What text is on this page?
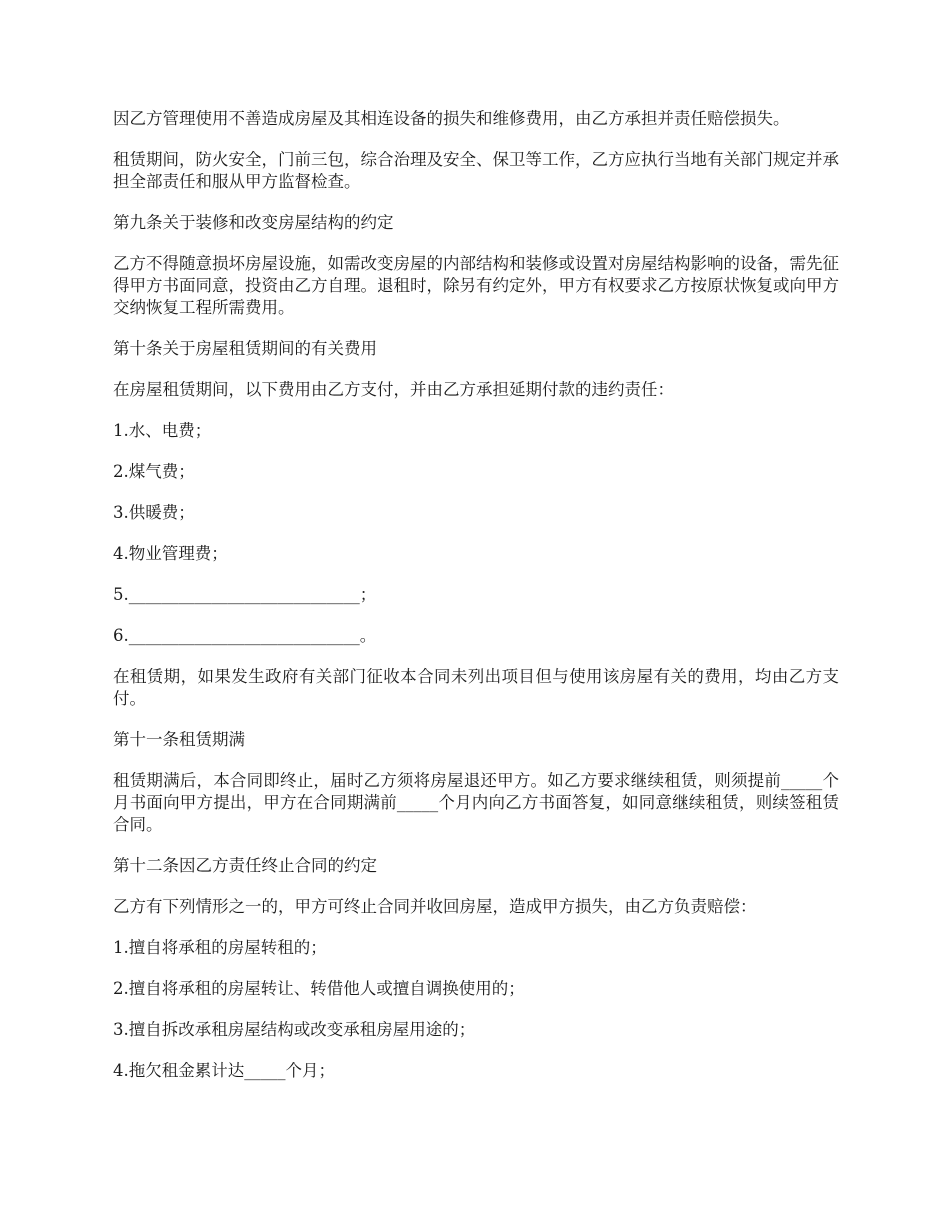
因乙方管理使用不善造成房屋及其相连设备的损失和维修费用，由乙方承担并责任赔偿损失。

租赁期间，防火安全，门前三包，综合治理及安全、保卫等工作，乙方应执行当地有关部门规定并承担全部责任和服从甲方监督检查。

第九条关于装修和改变房屋结构的约定

乙方不得随意损坏房屋设施，如需改变房屋的内部结构和装修或设置对房屋结构影响的设备，需先征得甲方书面同意，投资由乙方自理。退租时，除另有约定外，甲方有权要求乙方按原状恢复或向甲方交纳恢复工程所需费用。

第十条关于房屋租赁期间的有关费用

在房屋租赁期间，以下费用由乙方支付，并由乙方承担延期付款的违约责任：

1.水、电费；

2.煤气费；

3.供暖费；

4.物业管理费；

5.____________________________；

6.____________________________。

在租赁期，如果发生政府有关部门征收本合同未列出项目但与使用该房屋有关的费用，均由乙方支付。

第十一条租赁期满

租赁期满后，本合同即终止，届时乙方须将房屋退还甲方。如乙方要求继续租赁，则须提前_____个月书面向甲方提出，甲方在合同期满前_____个月内向乙方书面答复，如同意继续租赁，则续签租赁合同。

第十二条因乙方责任终止合同的约定

乙方有下列情形之一的，甲方可终止合同并收回房屋，造成甲方损失，由乙方负责赔偿：

1.擅自将承租的房屋转租的；

2.擅自将承租的房屋转让、转借他人或擅自调换使用的；

3.擅自拆改承租房屋结构或改变承租房屋用途的；

4.拖欠租金累计达_____个月；
